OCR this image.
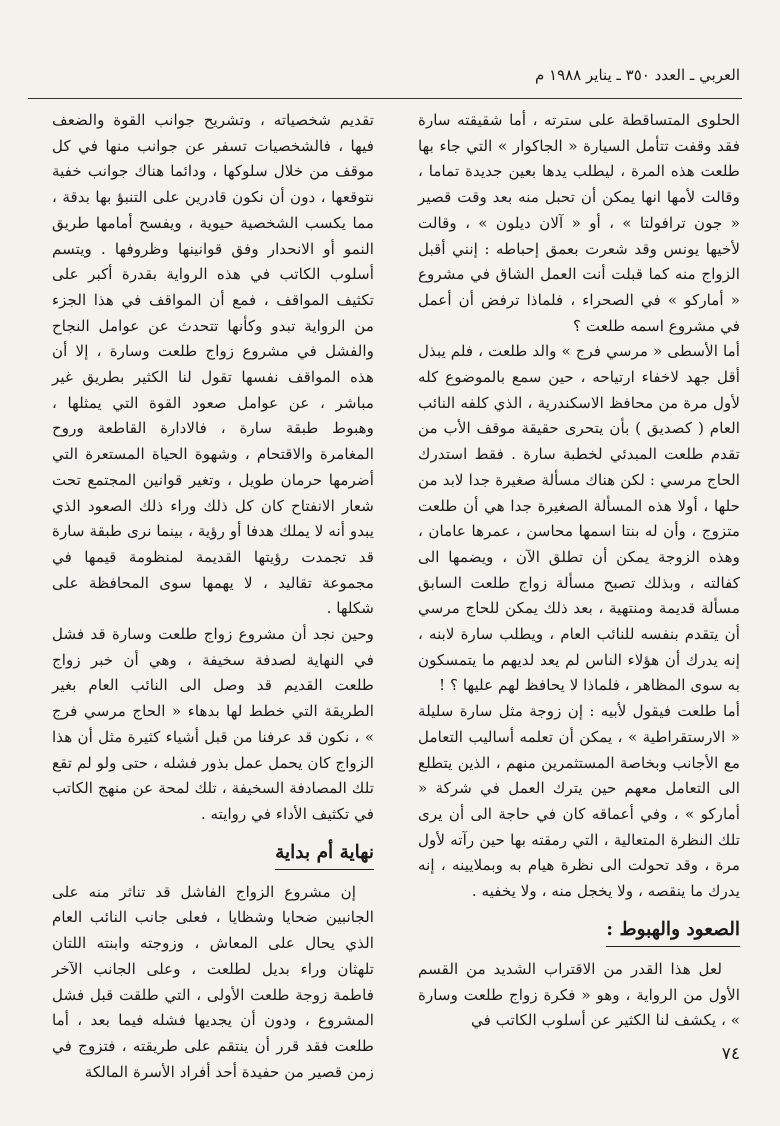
العربي ـ العدد ٣٥٠ ـ يناير ١٩٨٨ م

الحلوى المتساقطة على سترته ، أما شقيقته سارة فقد وقفت تتأمل السيارة « الجاكوار » التي جاء بها طلعت هذه المرة ، ليطلب يدها بعين جديدة تماما ، وقالت لأمها انها يمكن أن تحبل منه بعد وقت قصير « جون ترافولتا » ، أو « آلان ديلون » ، وقالت لأخيها يونس وقد شعرت بعمق إحباطه : إنني أقبل الزواج منه كما قبلت أنت العمل الشاق في مشروع « أماركو » في الصحراء ، فلماذا ترفض أن أعمل في مشروع اسمه طلعت ؟

أما الأسطى « مرسي فرج » والد طلعت ، فلم يبذل أقل جهد لاخفاء ارتياحه ، حين سمع بالموضوع كله لأول مرة من محافظ الاسكندرية ، الذي كلفه النائب العام ( كصديق ) بأن يتحرى حقيقة موقف الأب من تقدم طلعت المبدئي لخطبة سارة . فقط استدرك الحاج مرسي : لكن هناك مسألة صغيرة جدا لابد من حلها ، أولا هذه المسألة الصغيرة جدا هي أن طلعت متزوج ، وأن له بنتا اسمها محاسن ، عمرها عامان ، وهذه الزوجة يمكن أن تطلق الآن ، ويضمها الى كفالته ، وبذلك تصبح مسألة زواج طلعت السابق مسألة قديمة ومنتهية ، بعد ذلك يمكن للحاج مرسي أن يتقدم بنفسه للنائب العام ، ويطلب سارة لابنه ، إنه يدرك أن هؤلاء الناس لم يعد لديهم ما يتمسكون به سوى المظاهر ، فلماذا لا يحافظ لهم عليها ؟ !

أما طلعت فيقول لأبيه : إن زوجة مثل سارة سليلة « الارستقراطية » ، يمكن أن تعلمه أساليب التعامل مع الأجانب وبخاصة المستثمرين منهم ، الذين يتطلع الى التعامل معهم حين يترك العمل في شركة « أماركو » ، وفي أعماقه كان في حاجة الى أن يرى تلك النظرة المتعالية ، التي رمقته بها حين رآته لأول مرة ، وقد تحولت الى نظرة هيام به وبملايينه ، إنه يدرك ما ينقصه ، ولا يخجل منه ، ولا يخفيه .

الصعود والهبوط :

لعل هذا القدر من الاقتراب الشديد من القسم الأول من الرواية ، وهو « فكرة زواج طلعت وسارة » ، يكشف لنا الكثير عن أسلوب الكاتب في

تقديم شخصياته ، وتشريح جوانب القوة والضعف فيها ، فالشخصيات تسفر عن جوانب منها في كل موقف من خلال سلوكها ، ودائما هناك جوانب خفية نتوقعها ، دون أن نكون قادرين على التنبؤ بها بدقة ، مما يكسب الشخصية حيوية ، ويفسح أمامها طريق النمو أو الانحدار وفق قوانينها وظروفها . ويتسم أسلوب الكاتب في هذه الرواية بقدرة أكبر على تكثيف المواقف ، فمع أن المواقف في هذا الجزء من الرواية تبدو وكأنها تتحدث عن عوامل النجاح والفشل في مشروع زواج طلعت وسارة ، إلا أن هذه المواقف نفسها تقول لنا الكثير بطريق غير مباشر ، عن عوامل صعود القوة التي يمثلها ، وهبوط طبقة سارة ، فالادارة القاطعة وروح المغامرة والاقتحام ، وشهوة الحياة المستعرة التي أضرمها حرمان طويل ، وتغير قوانين المجتمع تحت شعار الانفتاح كان كل ذلك وراء ذلك الصعود الذي يبدو أنه لا يملك هدفا أو رؤية ، بينما نرى طبقة سارة قد تجمدت رؤيتها القديمة لمنظومة قيمها في مجموعة تقاليد ، لا يهمها سوى المحافظة على شكلها .

وحين نجد أن مشروع زواج طلعت وسارة قد فشل في النهاية لصدفة سخيفة ، وهي أن خبر زواج طلعت القديم قد وصل الى النائب العام بغير الطريقة التي خطط لها بدهاء « الحاج مرسي فرج » ، نكون قد عرفنا من قبل أشياء كثيرة مثل أن هذا الزواج كان يحمل عمل بذور فشله ، حتى ولو لم تقع تلك المصادفة السخيفة ، تلك لمحة عن منهج الكاتب في تكثيف الأداء في روايته .

نهاية أم بداية

إن مشروع الزواج الفاشل قد تناثر منه على الجانبين ضحايا وشظايا ، فعلى جانب النائب العام الذي يحال على المعاش ، وزوجته وابنته اللتان تلهثان وراء بديل لطلعت ، وعلى الجانب الآخر فاطمة زوجة طلعت الأولى ، التي طلقت قبل فشل المشروع ، ودون أن يجديها فشله فيما بعد ، أما طلعت فقد قرر أن ينتقم على طريقته ، فتزوج في زمن قصير من حفيدة أحد أفراد الأسرة المالكة

٧٤
